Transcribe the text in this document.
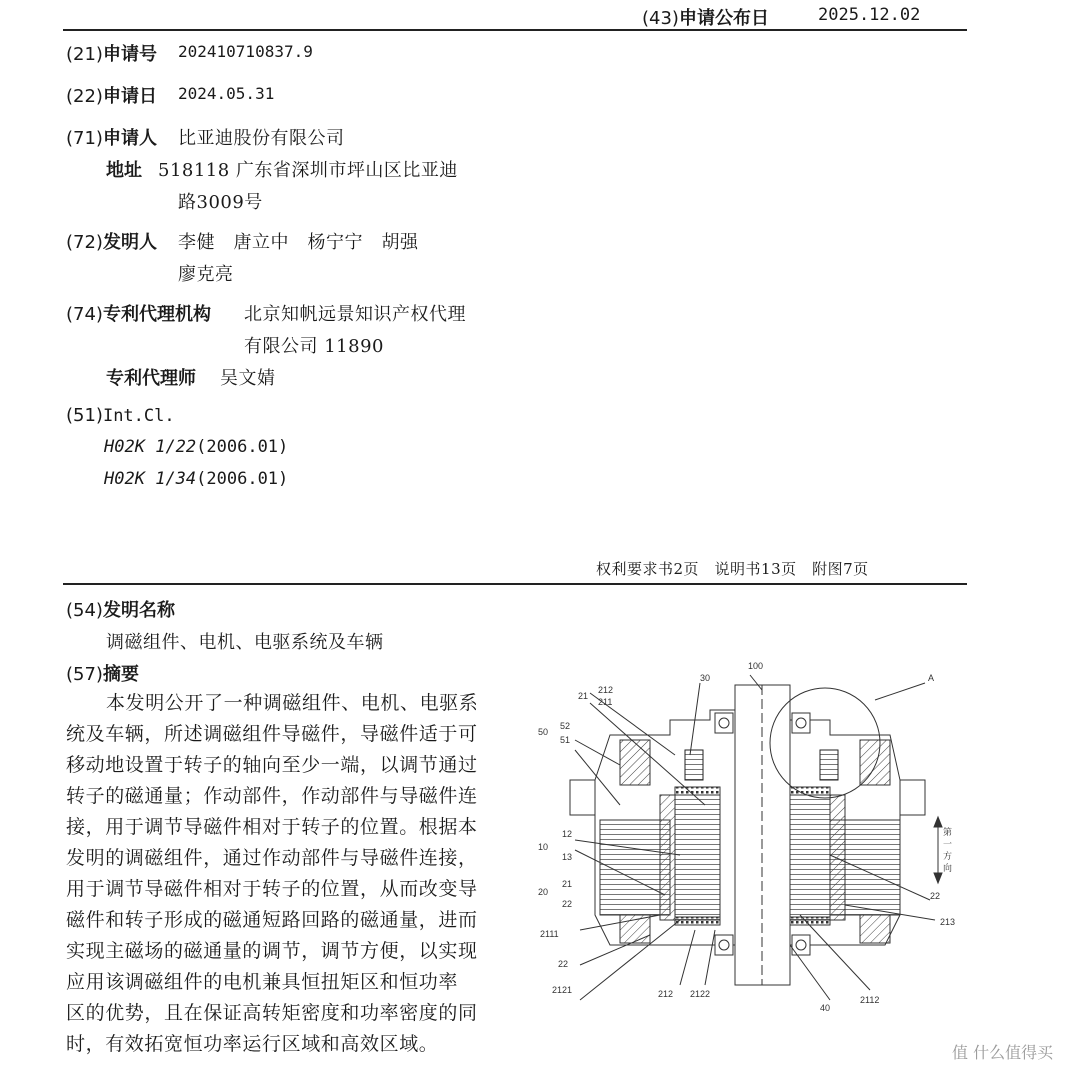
(43)申请公布日	2025.12.02
(21)申请号 202410710837.9
(22)申请日 2024.05.31
(71)申请人 比亚迪股份有限公司
地址 518118 广东省深圳市坪山区比亚迪
路3009号
(72)发明人 李健　唐立中　杨宁宁　胡强
廖克亮
(74)专利代理机构 北京知帆远景知识产权代理
有限公司 11890
专利代理师 吴文婧
(51)Int.Cl.
H02K 1/22(2006.01)
H02K 1/34(2006.01)
权利要求书2页　说明书13页　附图7页
(54)发明名称
调磁组件、电机、电驱系统及车辆
(57)摘要
本发明公开了一种调磁组件、电机、电驱系
统及车辆，所述调磁组件导磁件，导磁件适于可
移动地设置于转子的轴向至少一端，以调节通过
转子的磁通量；作动部件，作动部件与导磁件连
接，用于调节导磁件相对于转子的位置。根据本
发明的调磁组件，通过作动部件与导磁件连接，
用于调节导磁件相对于转子的位置，从而改变导
磁件和转子形成的磁通短路回路的磁通量，进而
实现主磁场的磁通量的调节，调节方便，以实现
应用该调磁组件的电机兼具恒扭矩区和恒功率
区的优势，且在保证高转矩密度和功率密度的同
时，有效拓宽恒功率运行区域和高效区域。
100
30	A
21
212
211
50
52
51
10
12
13
20
21
22
2111
22
2121	212 2122
40
2112
22
213
第
一
方
向
值 什么值得买
